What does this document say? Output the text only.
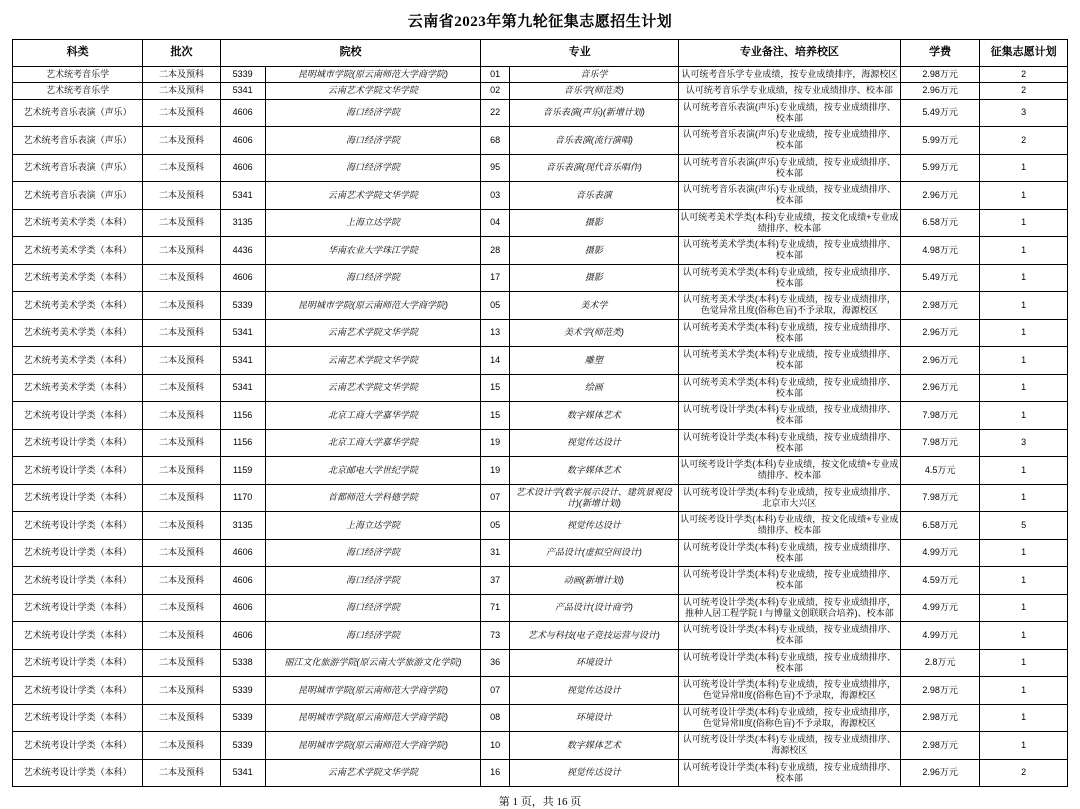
云南省2023年第九轮征集志愿招生计划
科类	批次	院校		专业		专业备注、培养校区	学费	征集志愿计划
艺术统考音乐学	二本及预科	5339	昆明城市学院(原云南师范大学商学院)	01	音乐学	认可统考音乐学专业成绩，按专业成绩排序，海源校区	2.98万元	2
艺术统考音乐学	二本及预科	5341	云南艺术学院文华学院	02	音乐学(师范类)	认可统考音乐学专业成绩，按专业成绩排序、校本部	2.96万元	2
艺术统考音乐表演（声乐）	二本及预科	4606	海口经济学院	22	音乐表演(声乐)(新增计划)	认可统考音乐表演(声乐)专业成绩，按专业成绩排序、校本部	5.49万元	3
艺术统考音乐表演（声乐）	二本及预科	4606	海口经济学院	68	音乐表演(流行演唱)	认可统考音乐表演(声乐)专业成绩，按专业成绩排序、校本部	5.99万元	2
艺术统考音乐表演（声乐）	二本及预科	4606	海口经济学院	95	音乐表演(现代音乐唱作)	认可统考音乐表演(声乐)专业成绩，按专业成绩排序、校本部	5.99万元	1
艺术统考音乐表演（声乐）	二本及预科	5341	云南艺术学院文华学院	03	音乐表演	认可统考音乐表演(声乐)专业成绩，按专业成绩排序、校本部	2.96万元	1
艺术统考美术学类（本科）	二本及预科	3135	上海立达学院	04	摄影	认可统考美术学类(本科)专业成绩，按文化成绩+专业成绩排序、校本部	6.58万元	1
艺术统考美术学类（本科）	二本及预科	4436	华南农业大学珠江学院	28	摄影	认可统考美术学类(本科)专业成绩，按专业成绩排序、校本部	4.98万元	1
艺术统考美术学类（本科）	二本及预科	4606	海口经济学院	17	摄影	认可统考美术学类(本科)专业成绩，按专业成绩排序、校本部	5.49万元	1
艺术统考美术学类（本科）	二本及预科	5339	昆明城市学院(原云南师范大学商学院)	05	美术学	认可统考美术学类(本科)专业成绩，按专业成绩排序，色觉异常且度(俗称色盲)不予录取，海源校区	2.98万元	1
艺术统考美术学类（本科）	二本及预科	5341	云南艺术学院文华学院	13	美术学(师范类)	认可统考美术学类(本科)专业成绩，按专业成绩排序、校本部	2.96万元	1
艺术统考美术学类（本科）	二本及预科	5341	云南艺术学院文华学院	14	雕塑	认可统考美术学类(本科)专业成绩，按专业成绩排序、校本部	2.96万元	1
艺术统考美术学类（本科）	二本及预科	5341	云南艺术学院文华学院	15	绘画	认可统考美术学类(本科)专业成绩，按专业成绩排序、校本部	2.96万元	1
艺术统考设计学类（本科）	二本及预科	1156	北京工商大学嘉华学院	15	数字媒体艺术	认可统考设计学类(本科)专业成绩，按专业成绩排序、校本部	7.98万元	1
艺术统考设计学类（本科）	二本及预科	1156	北京工商大学嘉华学院	19	视觉传达设计	认可统考设计学类(本科)专业成绩，按专业成绩排序、校本部	7.98万元	3
艺术统考设计学类（本科）	二本及预科	1159	北京邮电大学世纪学院	19	数字媒体艺术	认可统考设计学类(本科)专业成绩，按文化成绩+专业成绩排序、校本部	4.5万元	1
艺术统考设计学类（本科）	二本及预科	1170	首都师范大学科德学院	07	艺术设计学(数字展示设计、建筑景观设计)(新增计划)	认可统考设计学类(本科)专业成绩，按专业成绩排序、北京市大兴区	7.98万元	1
艺术统考设计学类（本科）	二本及预科	3135	上海立达学院	05	视觉传达设计	认可统考设计学类(本科)专业成绩，按文化成绩+专业成绩排序、校本部	6.58万元	5
艺术统考设计学类（本科）	二本及预科	4606	海口经济学院	31	产品设计(虚拟空间设计)	认可统考设计学类(本科)专业成绩，按专业成绩排序、校本部	4.99万元	1
艺术统考设计学类（本科）	二本及预科	4606	海口经济学院	37	动画(新增计划)	认可统考设计学类(本科)专业成绩，按专业成绩排序、校本部	4.59万元	1
艺术统考设计学类（本科）	二本及预科	4606	海口经济学院	71	产品设计(设计商学)	认可统考设计学类(本科)专业成绩，按专业成绩排序，推种人居工程学院 I 与博量文创联联合培养)、校本部	4.99万元	1
艺术统考设计学类（本科）	二本及预科	4606	海口经济学院	73	艺术与科技(电子竞技运营与设计)	认可统考设计学类(本科)专业成绩，按专业成绩排序、校本部	4.99万元	1
艺术统考设计学类（本科）	二本及预科	5338	丽江文化旅游学院(原云南大学旅游文化学院)	36	环境设计	认可统考设计学类(本科)专业成绩，按专业成绩排序、校本部	2.8万元	1
艺术统考设计学类（本科）	二本及预科	5339	昆明城市学院(原云南师范大学商学院)	07	视觉传达设计	认可统考设计学类(本科)专业成绩，按专业成绩排序，色觉异常II度(俗称色盲)不予录取，海源校区	2.98万元	1
艺术统考设计学类（本科）	二本及预科	5339	昆明城市学院(原云南师范大学商学院)	08	环境设计	认可统考设计学类(本科)专业成绩，按专业成绩排序，色觉异常II度(俗称色盲)不予录取，海源校区	2.98万元	1
艺术统考设计学类（本科）	二本及预科	5339	昆明城市学院(原云南师范大学商学院)	10	数字媒体艺术	认可统考设计学类(本科)专业成绩，按专业成绩排序、海源校区	2.98万元	1
艺术统考设计学类（本科）	二本及预科	5341	云南艺术学院文华学院	16	视觉传达设计	认可统考设计学类(本科)专业成绩，按专业成绩排序、校本部	2.96万元	2
第 1 页，共 16 页
